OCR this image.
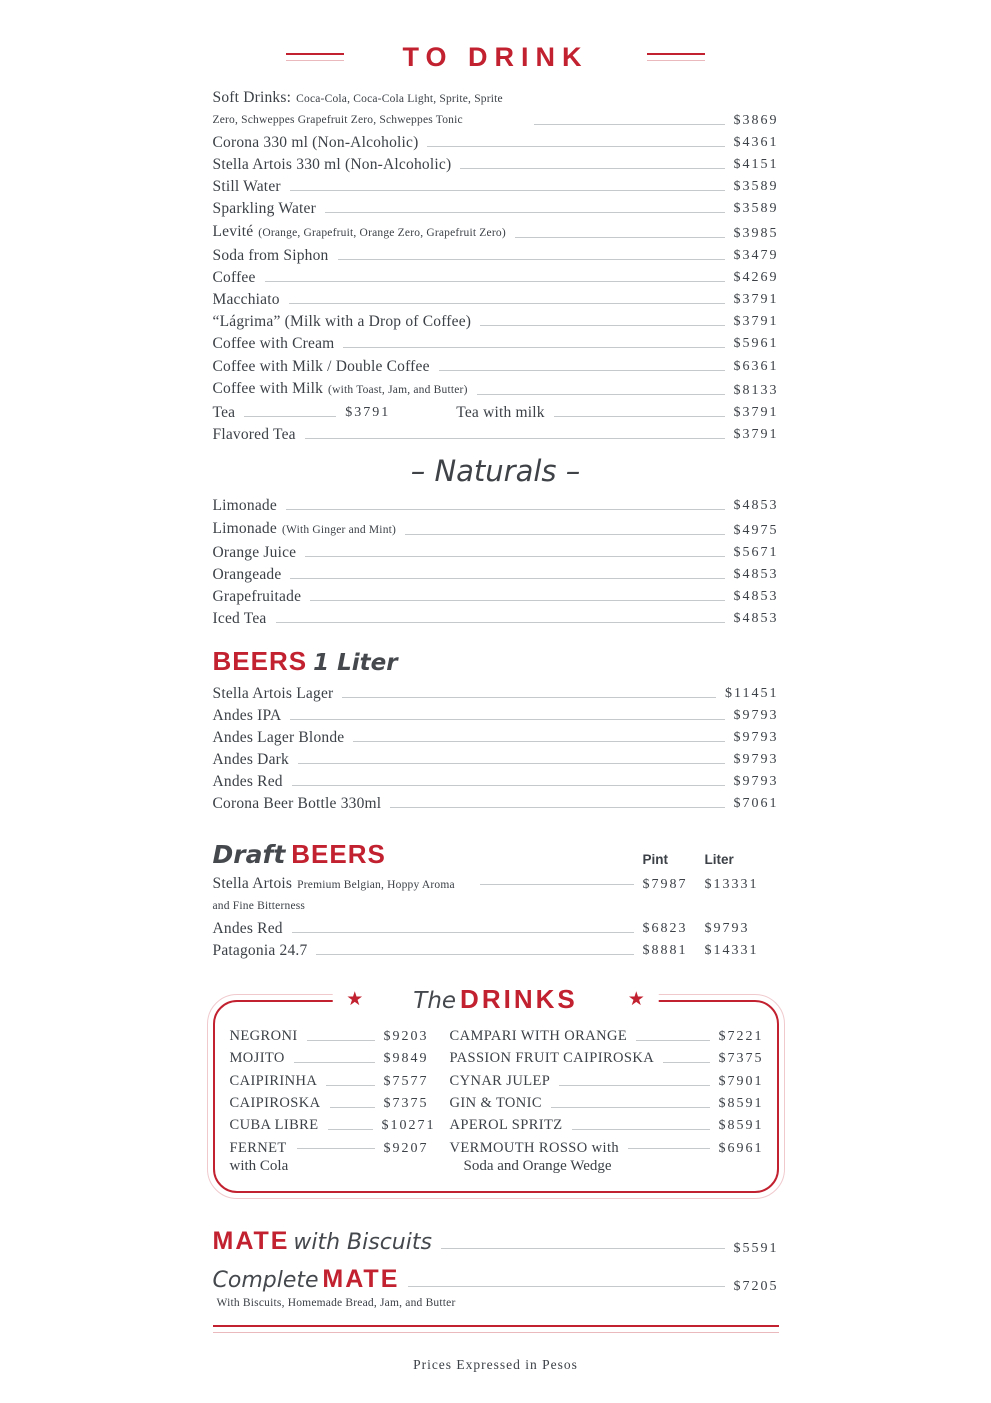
TO DRINK
Soft Drinks: Coca-Cola, Coca-Cola Light, Sprite, Sprite Zero, Schweppes Grapefruit Zero, Schweppes Tonic	$3869
Corona 330 ml (Non-Alcoholic)	$4361
Stella Artois 330 ml (Non-Alcoholic)	$4151
Still Water	$3589
Sparkling Water	$3589
Levité (Orange, Grapefruit, Orange Zero, Grapefruit Zero)	$3985
Soda from Siphon	$3479
Coffee	$4269
Macchiato	$3791
“Lágrima” (Milk with a Drop of Coffee)	$3791
Coffee with Cream	$5961
Coffee with Milk / Double Coffee	$6361
Coffee with Milk (with Toast, Jam, and Butter)	$8133
Tea	$3791	Tea with milk	$3791
Flavored Tea	$3791
– Naturals –
Limonade	$4853
Limonade (With Ginger and Mint)	$4975
Orange Juice	$5671
Orangeade	$4853
Grapefruitade	$4853
Iced Tea	$4853
BEERS 1 Liter
Stella Artois Lager	$11451
Andes IPA	$9793
Andes Lager Blonde	$9793
Andes Dark	$9793
Andes Red	$9793
Corona Beer Bottle 330ml	$7061
Draft BEERS	Pint	Liter
Stella Artois Premium Belgian, Hoppy Aroma and Fine Bitterness
$7987	$13331
Andes Red	$6823	$9793
Patagonia 24.7	$8881	$14331
★ The DRINKS	★
NEGRONI	$9203
MOJITO	$9849
CAIPIRINHA	$7577
CAIPIROSKA	$7375
CUBA LIBRE	$10271
FERNET
with Cola
$9207
CAMPARI WITH ORANGE	$7221
PASSION FRUIT CAIPIROSKA	$7375
CYNAR JULEP	$7901
GIN & TONIC	$8591
APEROL SPRITZ	$8591
VERMOUTH ROSSO with
Soda and Orange Wedge
$6961
MATE with Biscuits	$5591
Complete MATE	$7205
With Biscuits, Homemade Bread, Jam, and Butter
Prices Expressed in Pesos
